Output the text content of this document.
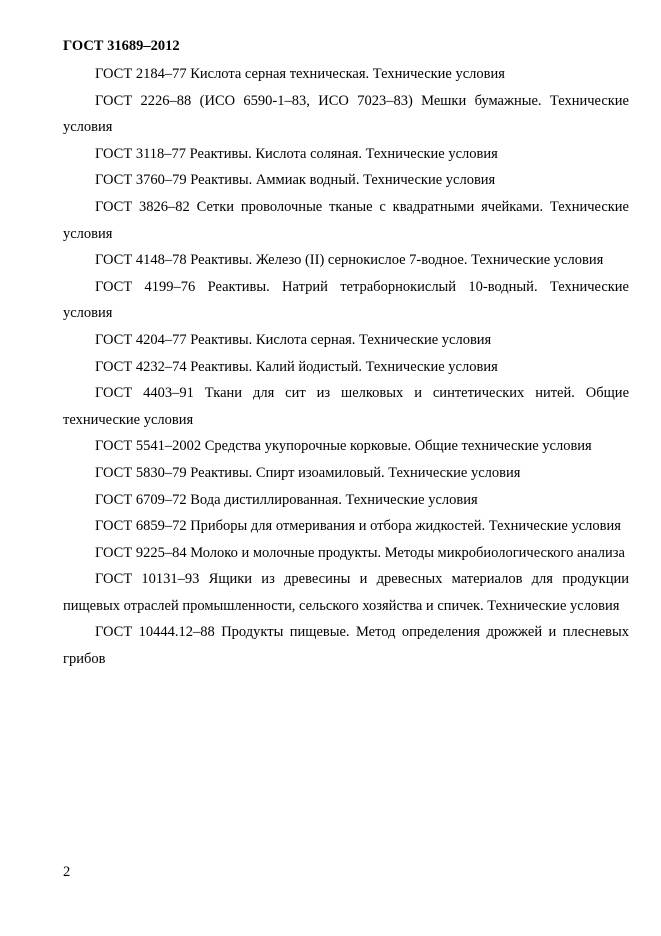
ГОСТ 31689–2012

ГОСТ 2184–77 Кислота серная техническая. Технические условия

ГОСТ 2226–88 (ИСО 6590-1–83, ИСО 7023–83) Мешки бумажные. Технические условия

ГОСТ 3118–77 Реактивы. Кислота соляная. Технические условия

ГОСТ 3760–79 Реактивы. Аммиак водный. Технические условия

ГОСТ 3826–82 Сетки проволочные тканые с квадратными ячейками. Технические условия

ГОСТ 4148–78 Реактивы. Железо (II) сернокислое 7-водное. Технические условия

ГОСТ 4199–76 Реактивы. Натрий тетраборнокислый 10-водный. Технические условия

ГОСТ 4204–77 Реактивы. Кислота серная. Технические условия

ГОСТ 4232–74 Реактивы. Калий йодистый. Технические условия

ГОСТ 4403–91 Ткани для сит из шелковых и синтетических нитей. Общие технические условия

ГОСТ 5541–2002 Средства укупорочные корковые. Общие технические условия

ГОСТ 5830–79 Реактивы. Спирт изоамиловый. Технические условия

ГОСТ 6709–72 Вода дистиллированная. Технические условия

ГОСТ 6859–72 Приборы для отмеривания и отбора жидкостей. Технические условия

ГОСТ 9225–84 Молоко и молочные продукты. Методы микробиологического анализа

ГОСТ 10131–93 Ящики из древесины и древесных материалов для продукции пищевых отраслей промышленности, сельского хозяйства и спичек. Технические условия

ГОСТ 10444.12–88 Продукты пищевые. Метод определения дрожжей и плесневых грибов

2
